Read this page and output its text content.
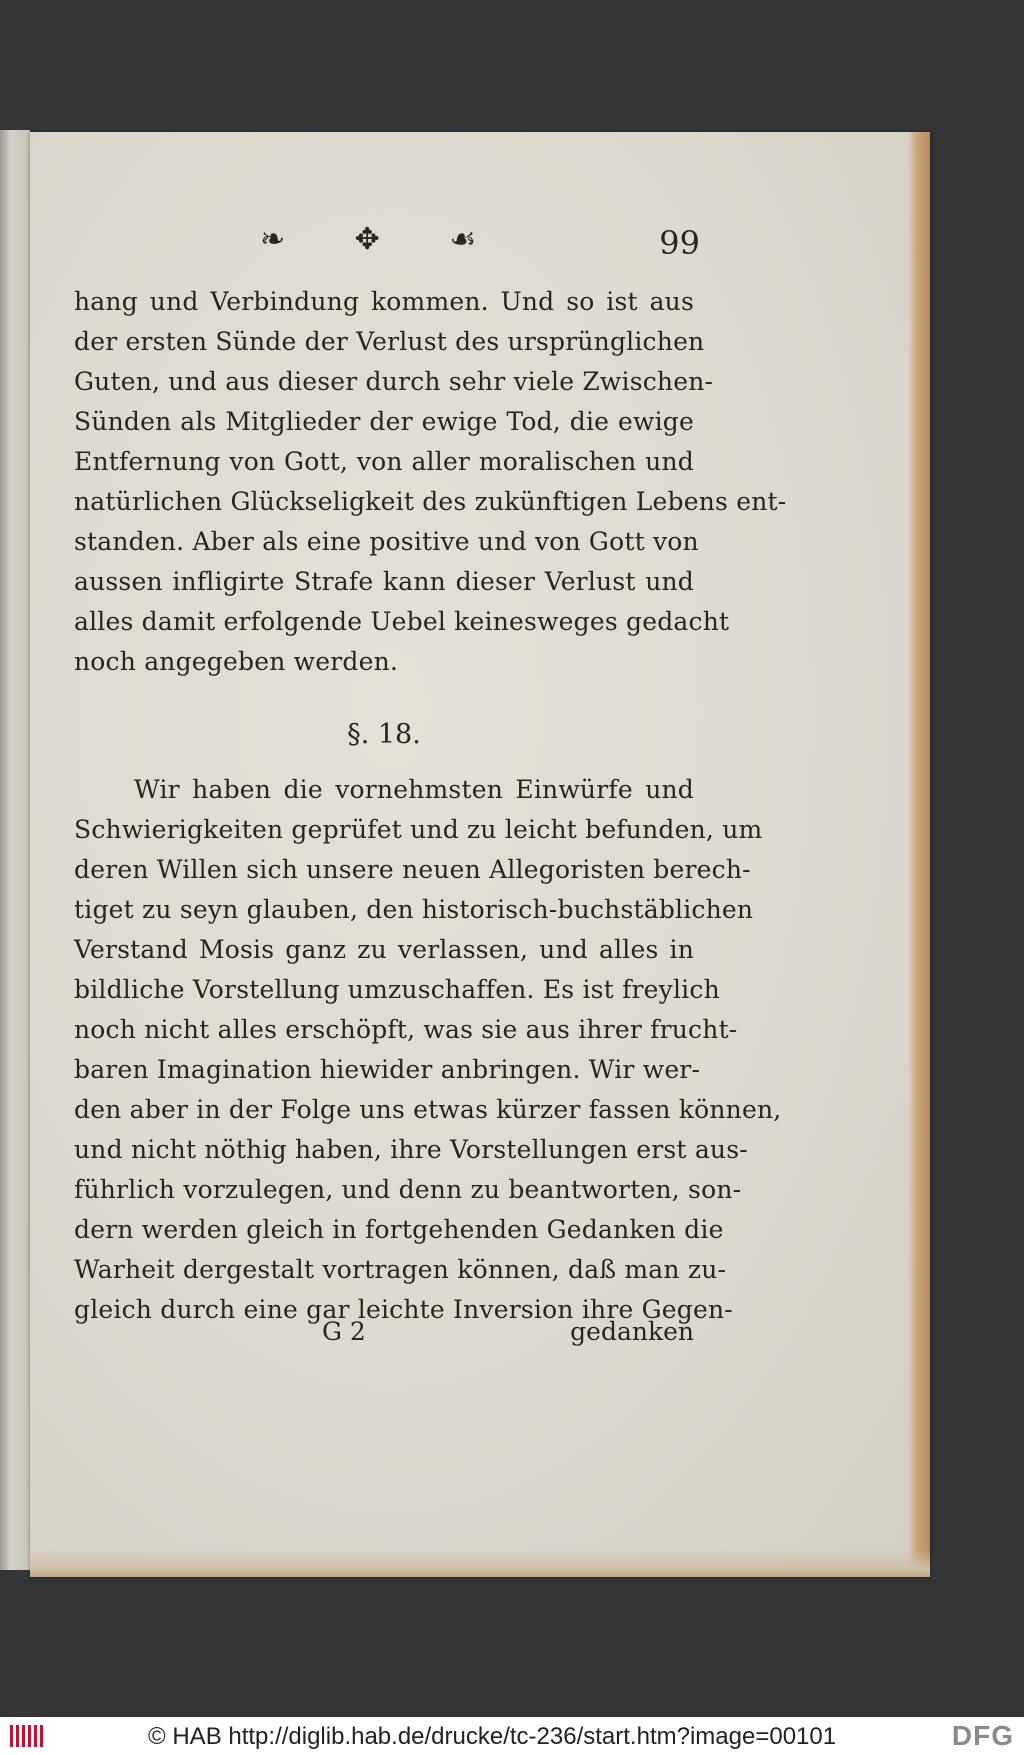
❧ ✥ ☙	99
hang und Verbindung kommen. Und so ist aus
der ersten Sünde der Verlust des ursprünglichen
Guten, und aus dieser durch sehr viele Zwischen-
Sünden als Mitglieder der ewige Tod, die ewige
Entfernung von Gott, von aller moralischen und
natürlichen Glückseligkeit des zukünftigen Lebens ent-
standen. Aber als eine positive und von Gott von
aussen infligirte Strafe kann dieser Verlust und
alles damit erfolgende Uebel keinesweges gedacht
noch angegeben werden.
§. 18.
Wir haben die vornehmsten Einwürfe und
Schwierigkeiten geprüfet und zu leicht befunden, um
deren Willen sich unsere neuen Allegoristen berech-
tiget zu seyn glauben, den historisch-buchstäblichen
Verstand Mosis ganz zu verlassen, und alles in
bildliche Vorstellung umzuschaffen. Es ist freylich
noch nicht alles erschöpft, was sie aus ihrer frucht-
baren Imagination hiewider anbringen. Wir wer-
den aber in der Folge uns etwas kürzer fassen können,
und nicht nöthig haben, ihre Vorstellungen erst aus-
führlich vorzulegen, und denn zu beantworten, son-
dern werden gleich in fortgehenden Gedanken die
Warheit dergestalt vortragen können, daß man zu-
gleich durch eine gar leichte Inversion ihre Gegen-
G 2	gedanken
© HAB http://diglib.hab.de/drucke/tc-236/start.htm?image=00101	DFG
